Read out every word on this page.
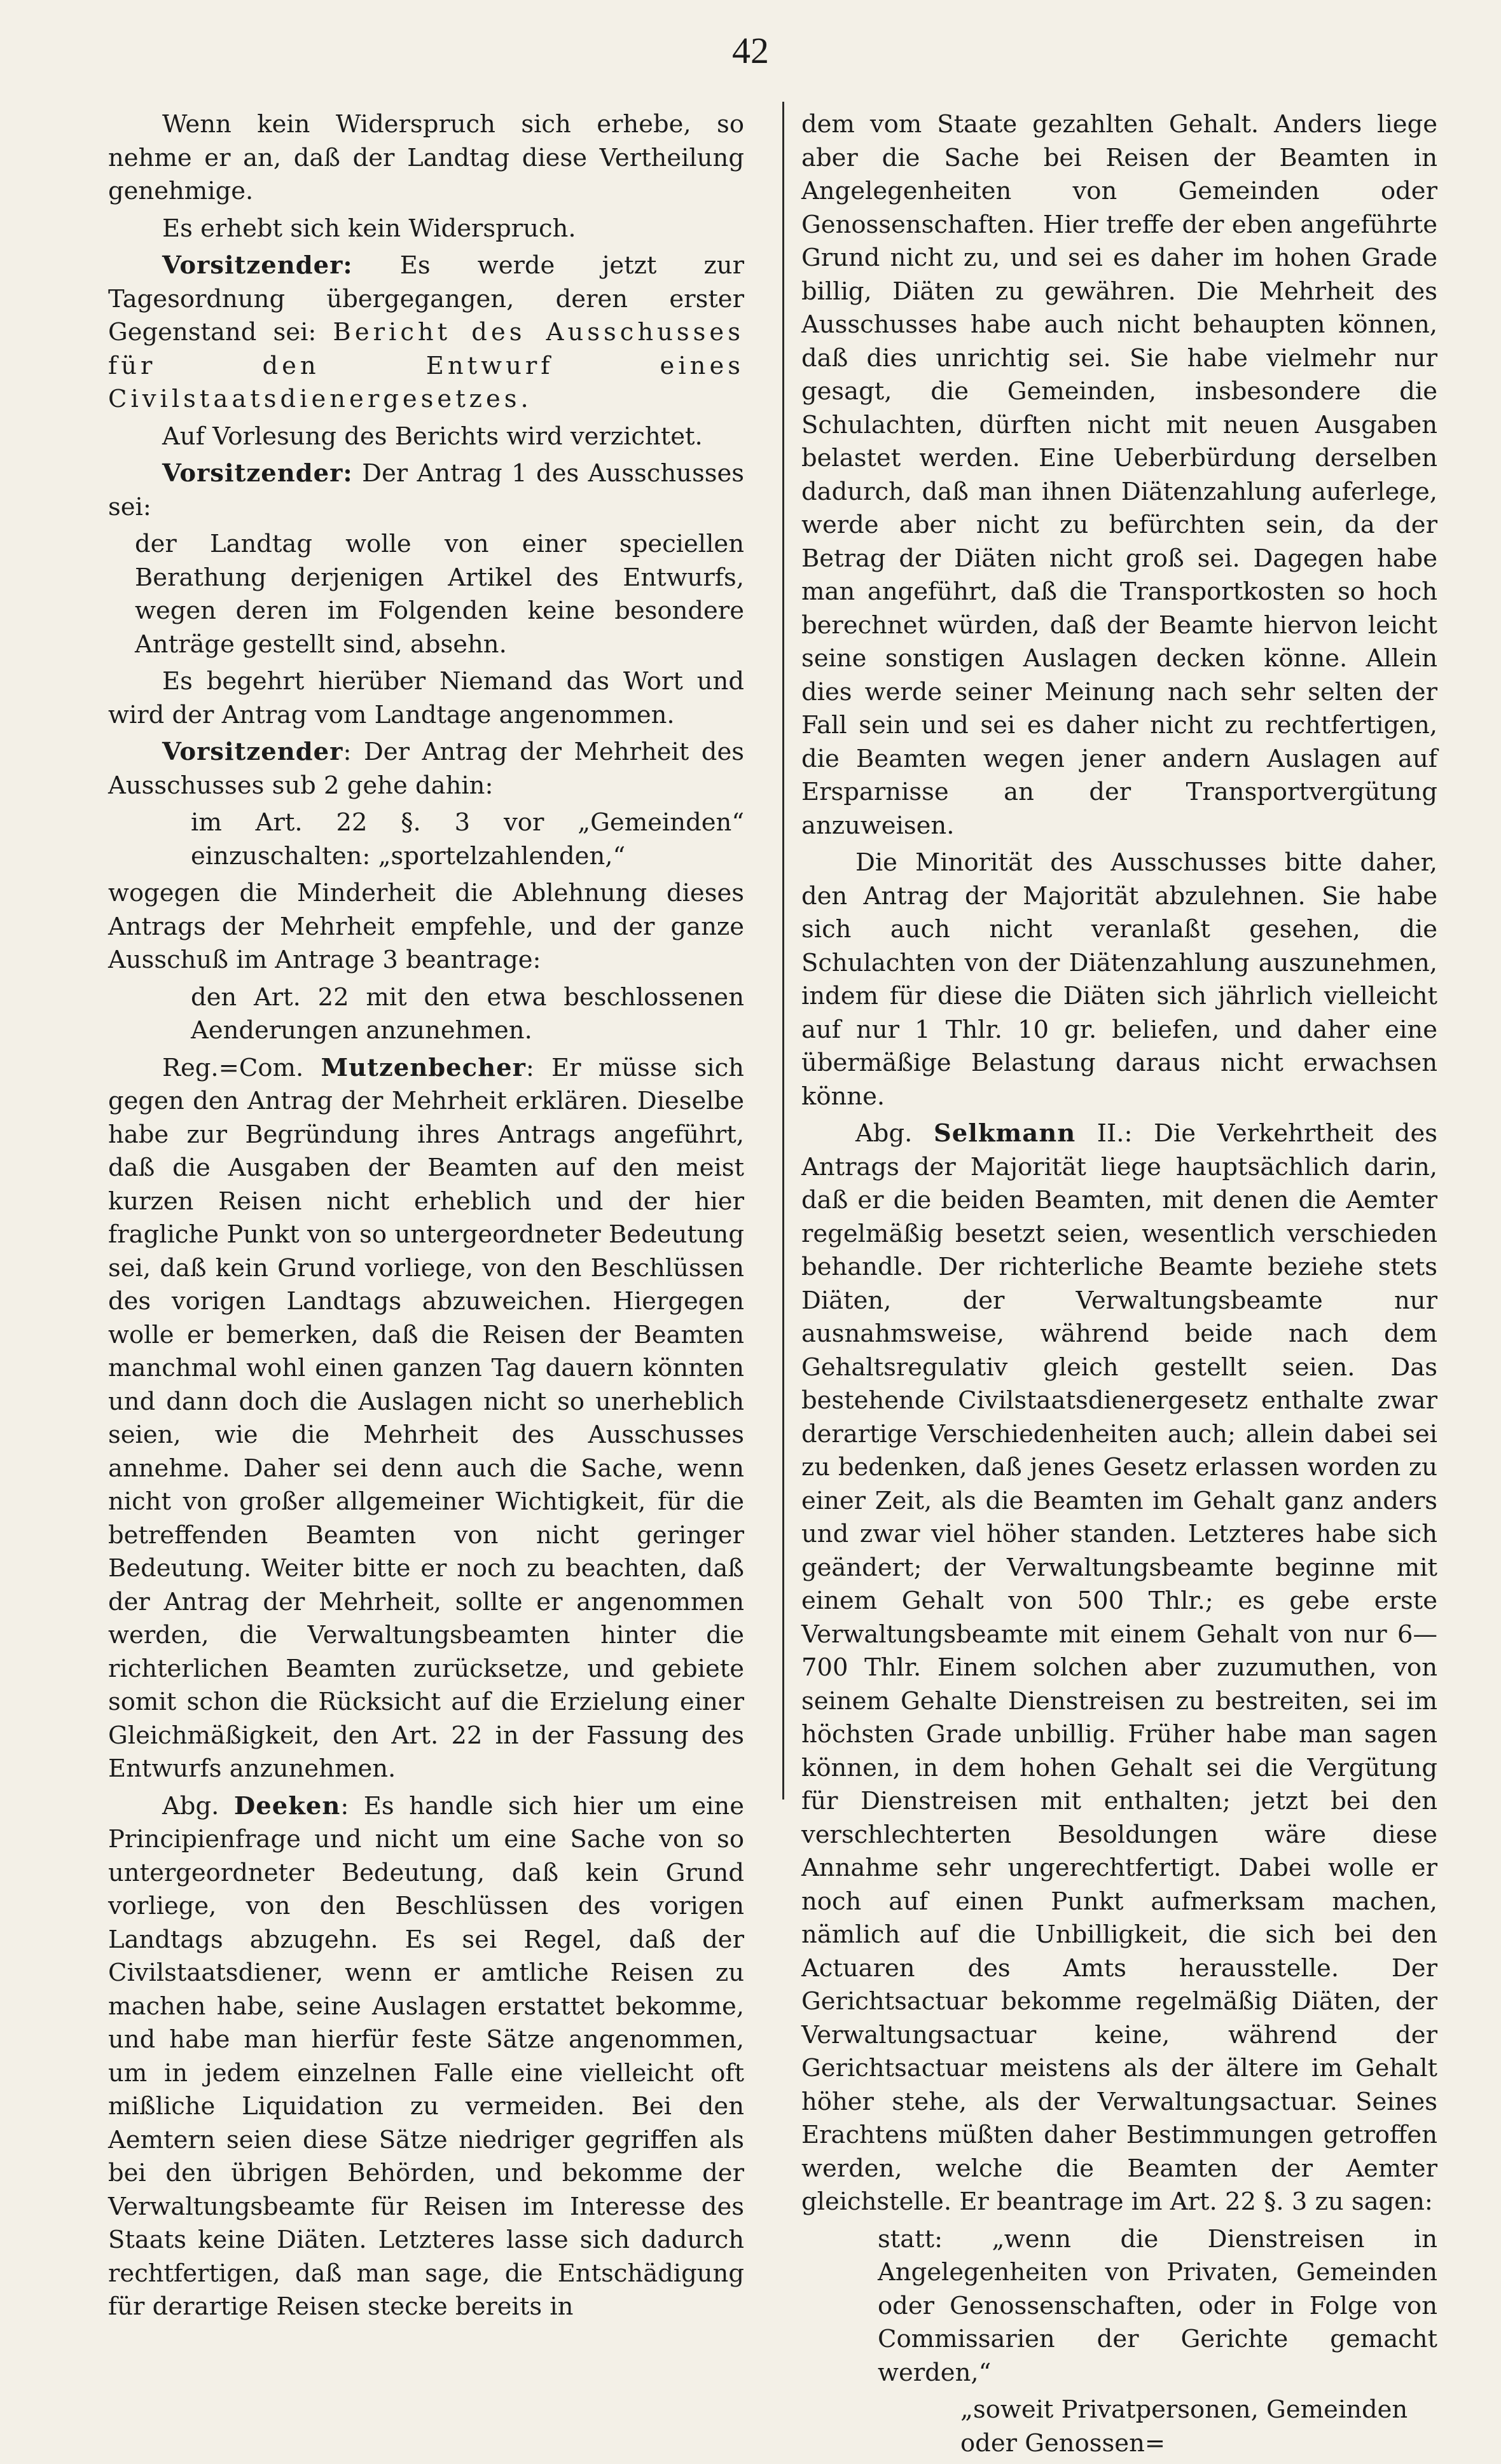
42

Wenn kein Widerspruch sich erhebe, so nehme er an, daß der Landtag diese Vertheilung genehmige.

Es erhebt sich kein Widerspruch.

Vorsitzender: Es werde jetzt zur Tagesordnung übergegangen, deren erster Gegenstand sei: Bericht des Ausschusses für den Entwurf eines Civilstaatsdienergesetzes.

Auf Vorlesung des Berichts wird verzichtet.

Vorsitzender: Der Antrag 1 des Ausschusses sei:

der Landtag wolle von einer speciellen Berathung derjenigen Artikel des Entwurfs, wegen deren im Folgenden keine besondere Anträge gestellt sind, absehn.

Es begehrt hierüber Niemand das Wort und wird der Antrag vom Landtage angenommen.

Vorsitzender: Der Antrag der Mehrheit des Ausschusses sub 2 gehe dahin:

im Art. 22 §. 3 vor „Gemeinden“ einzuschalten: „sportelzahlenden,“

wogegen die Minderheit die Ablehnung dieses Antrags der Mehrheit empfehle, und der ganze Ausschuß im Antrage 3 beantrage:

den Art. 22 mit den etwa beschlossenen Aenderungen anzunehmen.

Reg.=Com. Mutzenbecher: Er müsse sich gegen den Antrag der Mehrheit erklären. Dieselbe habe zur Begründung ihres Antrags angeführt, daß die Ausgaben der Beamten auf den meist kurzen Reisen nicht erheblich und der hier fragliche Punkt von so untergeordneter Bedeutung sei, daß kein Grund vorliege, von den Beschlüssen des vorigen Landtags abzuweichen. Hiergegen wolle er bemerken, daß die Reisen der Beamten manchmal wohl einen ganzen Tag dauern könnten und dann doch die Auslagen nicht so unerheblich seien, wie die Mehrheit des Ausschusses annehme. Daher sei denn auch die Sache, wenn nicht von großer allgemeiner Wichtigkeit, für die betreffenden Beamten von nicht geringer Bedeutung. Weiter bitte er noch zu beachten, daß der Antrag der Mehrheit, sollte er angenommen werden, die Verwaltungsbeamten hinter die richterlichen Beamten zurücksetze, und gebiete somit schon die Rücksicht auf die Erzielung einer Gleichmäßigkeit, den Art. 22 in der Fassung des Entwurfs anzunehmen.

Abg. Deeken: Es handle sich hier um eine Principienfrage und nicht um eine Sache von so untergeordneter Bedeutung, daß kein Grund vorliege, von den Beschlüssen des vorigen Landtags abzugehn. Es sei Regel, daß der Civilstaatsdiener, wenn er amtliche Reisen zu machen habe, seine Auslagen erstattet bekomme, und habe man hierfür feste Sätze angenommen, um in jedem einzelnen Falle eine vielleicht oft mißliche Liquidation zu vermeiden. Bei den Aemtern seien diese Sätze niedriger gegriffen als bei den übrigen Behörden, und bekomme der Verwaltungsbeamte für Reisen im Interesse des Staats keine Diäten. Letzteres lasse sich dadurch rechtfertigen, daß man sage, die Entschädigung für derartige Reisen stecke bereits in

dem vom Staate gezahlten Gehalt. Anders liege aber die Sache bei Reisen der Beamten in Angelegenheiten von Gemeinden oder Genossenschaften. Hier treffe der eben angeführte Grund nicht zu, und sei es daher im hohen Grade billig, Diäten zu gewähren. Die Mehrheit des Ausschusses habe auch nicht behaupten können, daß dies unrichtig sei. Sie habe vielmehr nur gesagt, die Gemeinden, insbesondere die Schulachten, dürften nicht mit neuen Ausgaben belastet werden. Eine Ueberbürdung derselben dadurch, daß man ihnen Diätenzahlung auferlege, werde aber nicht zu befürchten sein, da der Betrag der Diäten nicht groß sei. Dagegen habe man angeführt, daß die Transportkosten so hoch berechnet würden, daß der Beamte hiervon leicht seine sonstigen Auslagen decken könne. Allein dies werde seiner Meinung nach sehr selten der Fall sein und sei es daher nicht zu rechtfertigen, die Beamten wegen jener andern Auslagen auf Ersparnisse an der Transportvergütung anzuweisen.

Die Minorität des Ausschusses bitte daher, den Antrag der Majorität abzulehnen. Sie habe sich auch nicht veranlaßt gesehen, die Schulachten von der Diätenzahlung auszunehmen, indem für diese die Diäten sich jährlich vielleicht auf nur 1 Thlr. 10 gr. beliefen, und daher eine übermäßige Belastung daraus nicht erwachsen könne.

Abg. Selkmann II.: Die Verkehrtheit des Antrags der Majorität liege hauptsächlich darin, daß er die beiden Beamten, mit denen die Aemter regelmäßig besetzt seien, wesentlich verschieden behandle. Der richterliche Beamte beziehe stets Diäten, der Verwaltungsbeamte nur ausnahmsweise, während beide nach dem Gehaltsregulativ gleich gestellt seien. Das bestehende Civilstaatsdienergesetz enthalte zwar derartige Verschiedenheiten auch; allein dabei sei zu bedenken, daß jenes Gesetz erlassen worden zu einer Zeit, als die Beamten im Gehalt ganz anders und zwar viel höher standen. Letzteres habe sich geändert; der Verwaltungsbeamte beginne mit einem Gehalt von 500 Thlr.; es gebe erste Verwaltungsbeamte mit einem Gehalt von nur 6—700 Thlr. Einem solchen aber zuzumuthen, von seinem Gehalte Dienstreisen zu bestreiten, sei im höchsten Grade unbillig. Früher habe man sagen können, in dem hohen Gehalt sei die Vergütung für Dienstreisen mit enthalten; jetzt bei den verschlechterten Besoldungen wäre diese Annahme sehr ungerechtfertigt. Dabei wolle er noch auf einen Punkt aufmerksam machen, nämlich auf die Unbilligkeit, die sich bei den Actuaren des Amts herausstelle. Der Gerichtsactuar bekomme regelmäßig Diäten, der Verwaltungsactuar keine, während der Gerichtsactuar meistens als der ältere im Gehalt höher stehe, als der Verwaltungsactuar. Seines Erachtens müßten daher Bestimmungen getroffen werden, welche die Beamten der Aemter gleichstelle. Er beantrage im Art. 22 §. 3 zu sagen:

statt: „wenn die Dienstreisen in Angelegenheiten von Privaten, Gemeinden oder Genossenschaften, oder in Folge von Commissarien der Gerichte gemacht werden,“

„soweit Privatpersonen, Gemeinden oder Genossen=
